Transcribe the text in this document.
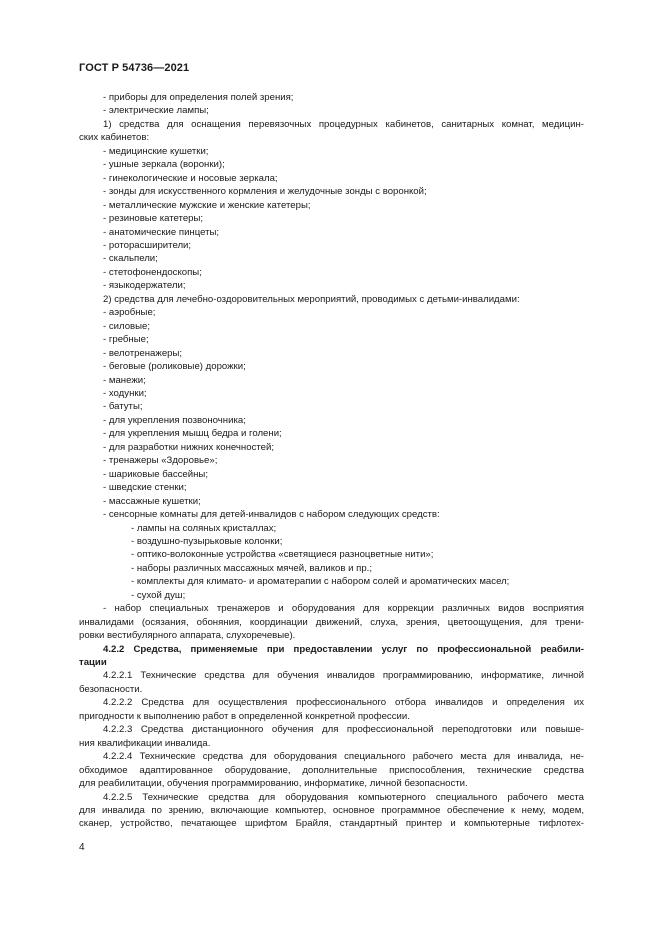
ГОСТ Р 54736—2021
- приборы для определения полей зрения;
- электрические лампы;
1) средства для оснащения перевязочных процедурных кабинетов, санитарных комнат, медицин-
ских кабинетов:
- медицинские кушетки;
- ушные зеркала (воронки);
- гинекологические и носовые зеркала;
- зонды для искусственного кормления и желудочные зонды с воронкой;
- металлические мужские и женские катетеры;
- резиновые катетеры;
- анатомические пинцеты;
- роторасширители;
- скальпели;
- стетофонендоскопы;
- языкодержатели;
2) средства для лечебно-оздоровительных мероприятий, проводимых с детьми-инвалидами:
- аэробные;
- силовые;
- гребные;
- велотренажеры;
- беговые (роликовые) дорожки;
- манежи;
- ходунки;
- батуты;
- для укрепления позвоночника;
- для укрепления мышц бедра и голени;
- для разработки нижних конечностей;
- тренажеры «Здоровье»;
- шариковые бассейны;
- шведские стенки;
- массажные кушетки;
- сенсорные комнаты для детей-инвалидов с набором следующих средств:
- лампы на соляных кристаллах;
- воздушно-пузырьковые колонки;
- оптико-волоконные устройства «светящиеся разноцветные нити»;
- наборы различных массажных мячей, валиков и пр.;
- комплекты для климато- и аромaтерапии с набором солей и ароматических масел;
- сухой душ;
- набор специальных тренажеров и оборудования для коррекции различных видов восприятия
инвалидами (осязания, обоняния, координации движений, слуха, зрения, цветоощущения, для трени-
ровки вестибулярного аппарата, слухоречевые).
4.2.2 Средства, применяемые при предоставлении услуг по профессиональной реабили-
тации
4.2.2.1 Технические средства для обучения инвалидов программированию, информатике, личной
безопасности.
4.2.2.2 Средства для осуществления профессионального отбора инвалидов и определения их
пригодности к выполнению работ в определенной конкретной профессии.
4.2.2.3 Средства дистанционного обучения для профессиональной переподготовки или повыше-
ния квалификации инвалида.
4.2.2.4 Технические средства для оборудования специального рабочего места для инвалида, не-
обходимое адаптированное оборудование, дополнительные приспособления, технические средства
для реабилитации, обучения программированию, информатике, личной безопасности.
4.2.2.5 Технические средства для оборудования компьютерного специального рабочего места
для инвалида по зрению, включающие компьютер, основное программное обеспечение к нему, модем,
сканер, устройство, печатающее шрифтом Брайля, стандартный принтер и компьютерные тифлотех-
4
